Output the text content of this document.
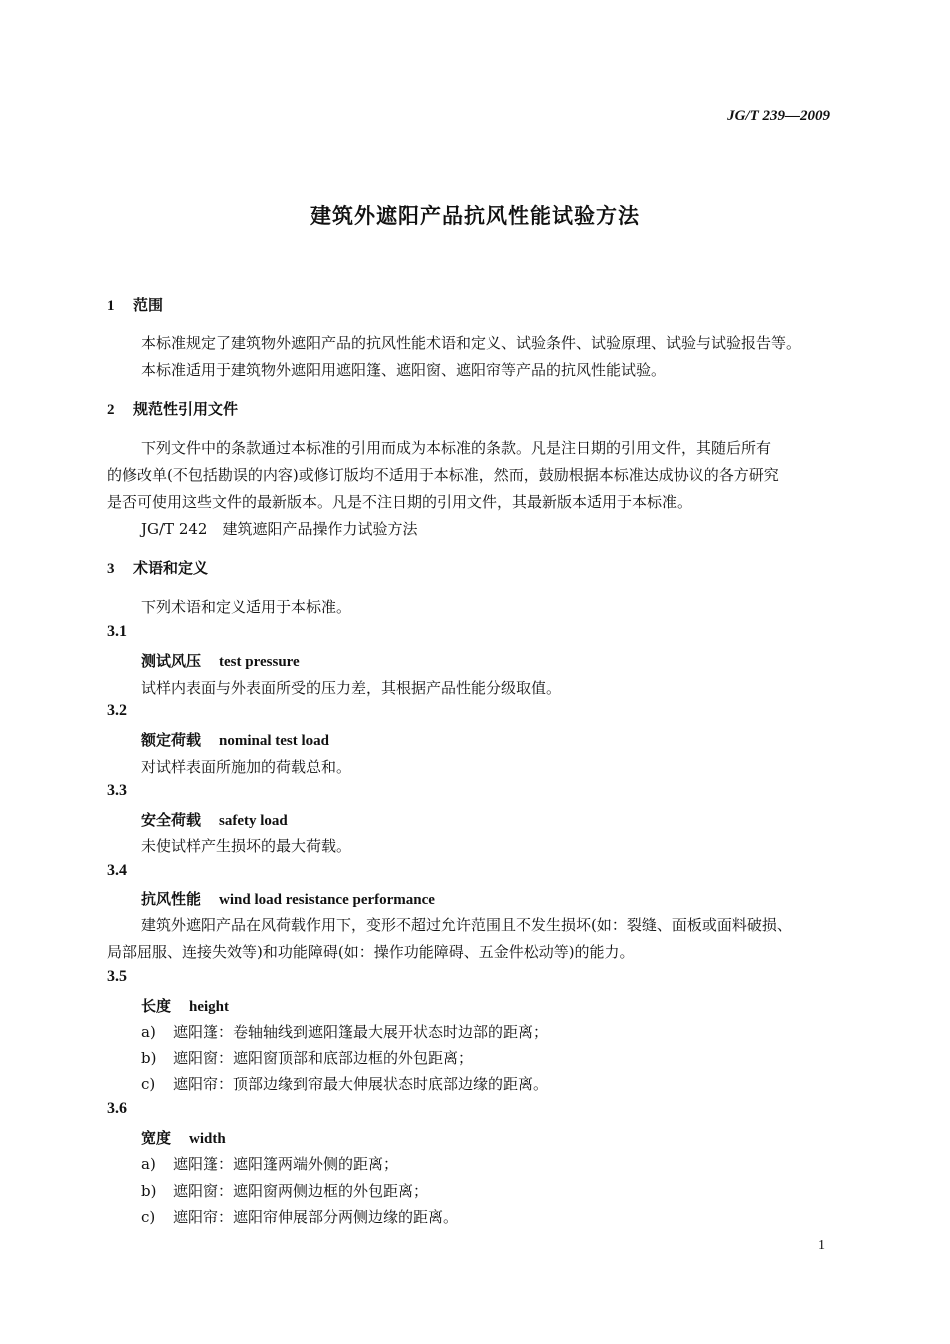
JG/T 239—2009
建筑外遮阳产品抗风性能试验方法
1 范围
本标准规定了建筑物外遮阳产品的抗风性能术语和定义、试验条件、试验原理、试验与试验报告等。
本标准适用于建筑物外遮阳用遮阳篷、遮阳窗、遮阳帘等产品的抗风性能试验。
2 规范性引用文件
下列文件中的条款通过本标准的引用而成为本标准的条款。凡是注日期的引用文件，其随后所有
的修改单(不包括勘误的内容)或修订版均不适用于本标准，然而，鼓励根据本标准达成协议的各方研究
是否可使用这些文件的最新版本。凡是不注日期的引用文件，其最新版本适用于本标准。
JG/T 242　建筑遮阳产品操作力试验方法
3 术语和定义
下列术语和定义适用于本标准。
3.1
测试风压 test pressure
试样内表面与外表面所受的压力差，其根据产品性能分级取值。
3.2
额定荷载 nominal test load
对试样表面所施加的荷载总和。
3.3
安全荷载 safety load
未使试样产生损坏的最大荷载。
3.4
抗风性能 wind load resistance performance
建筑外遮阳产品在风荷载作用下，变形不超过允许范围且不发生损坏(如：裂缝、面板或面料破损、
局部屈服、连接失效等)和功能障碍(如：操作功能障碍、五金件松动等)的能力。
3.5
长度 height
a) 遮阳篷：卷轴轴线到遮阳篷最大展开状态时边部的距离；
b) 遮阳窗：遮阳窗顶部和底部边框的外包距离；
c) 遮阳帘：顶部边缘到帘最大伸展状态时底部边缘的距离。
3.6
宽度 width
a) 遮阳篷：遮阳篷两端外侧的距离；
b) 遮阳窗：遮阳窗两侧边框的外包距离；
c) 遮阳帘：遮阳帘伸展部分两侧边缘的距离。
1
